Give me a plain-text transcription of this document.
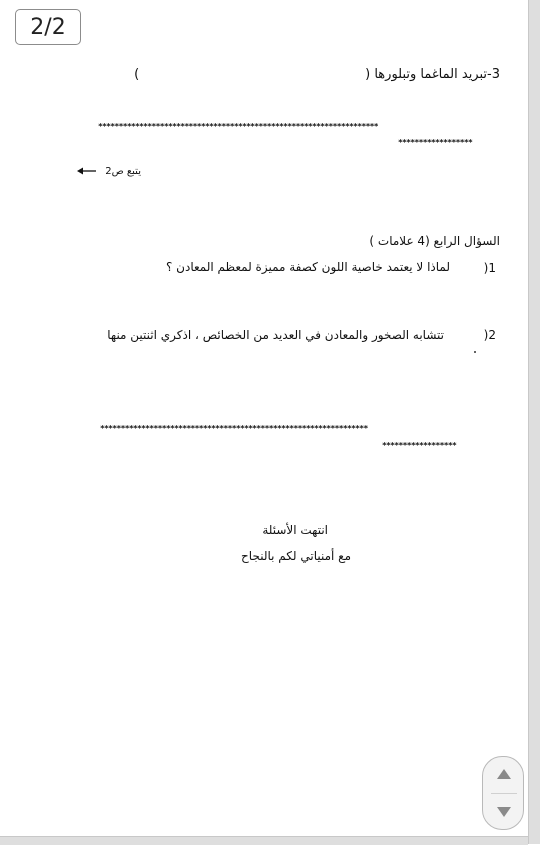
2/2
3-تبريد الماغما وتبلورها (
)
********************************************************************
******************
يتبع ص2
السؤال الرابع (4 علامات )
1(
لماذا لا يعتمد خاصية اللون كصفة مميزة لمعظم المعادن ؟
2(
تتشابه الصخور والمعادن في العديد من الخصائص ، اذكري اثنتين منها
*****************************************************************
******************
انتهت الأسئلة
مع أمنياتي لكم بالنجاح
